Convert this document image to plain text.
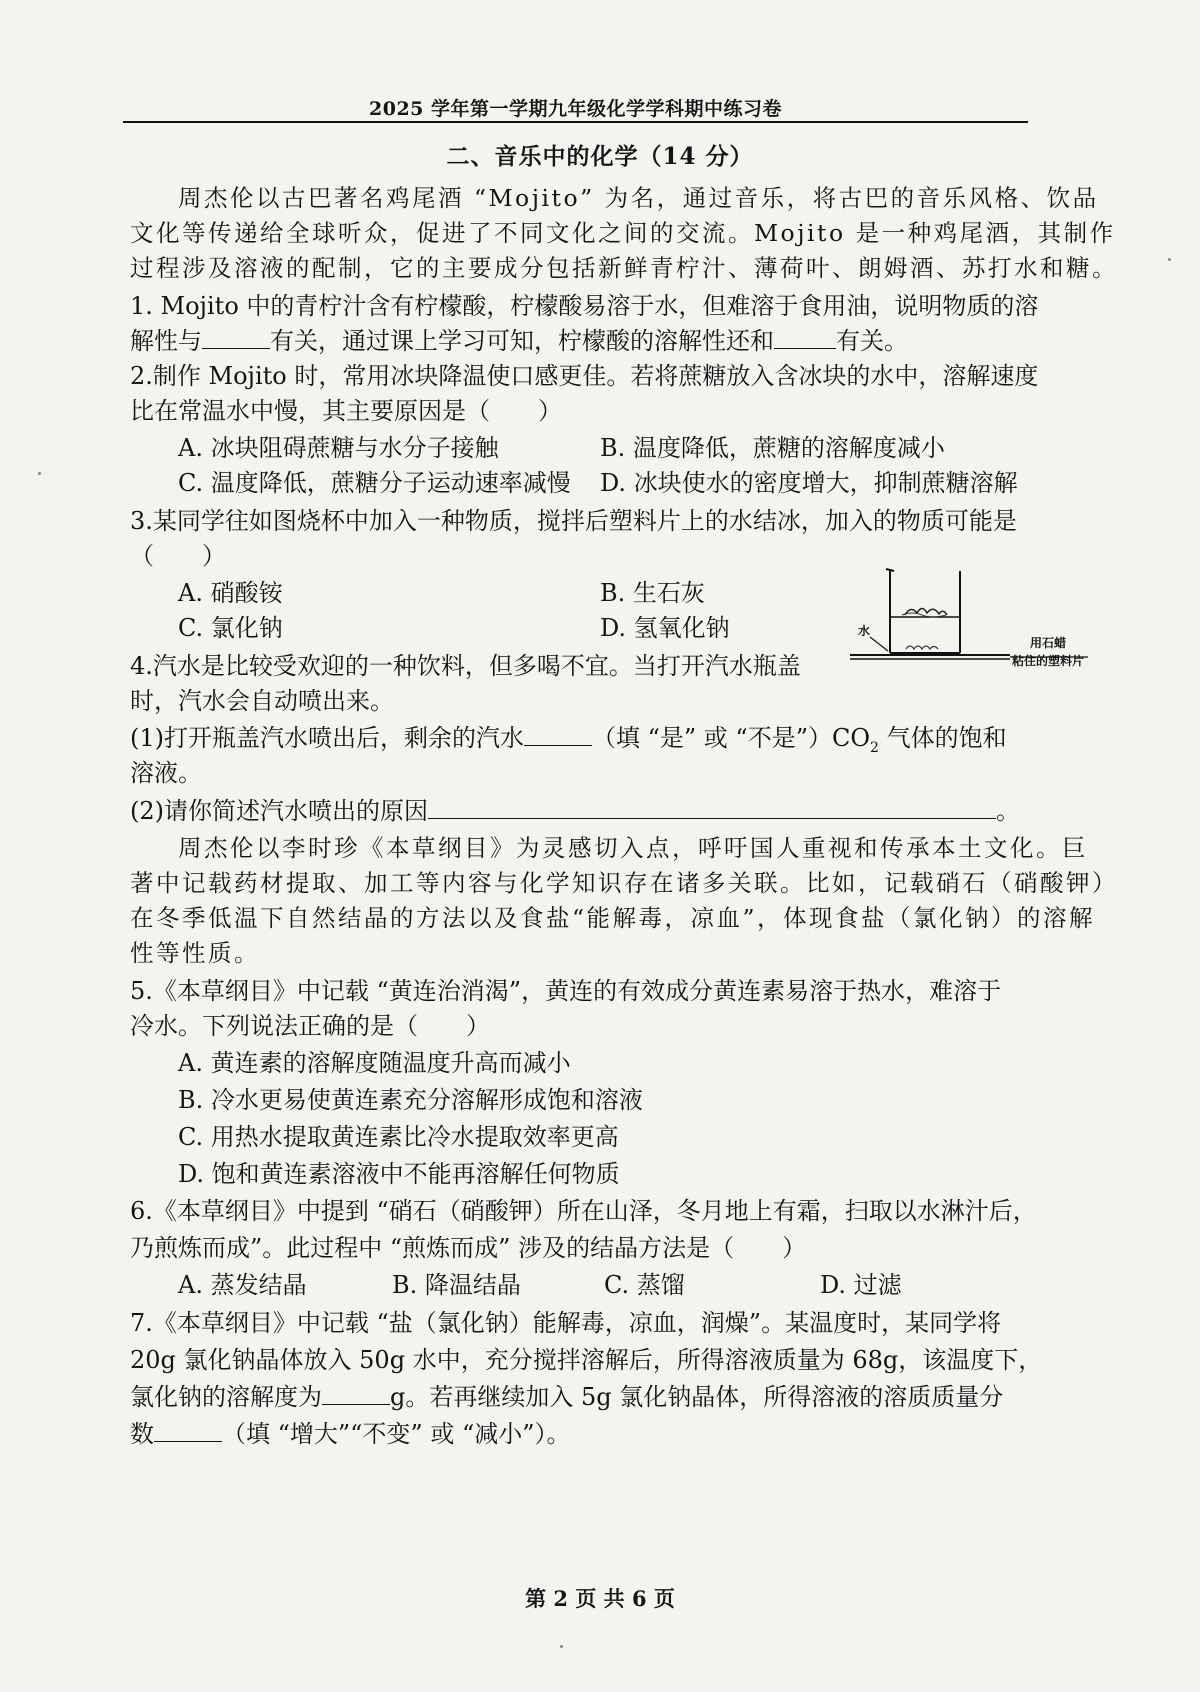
2025 学年第一学期九年级化学学科期中练习卷
二、音乐中的化学（14 分）
周杰伦以古巴著名鸡尾酒 “Mojito” 为名，通过音乐，将古巴的音乐风格、饮品
文化等传递给全球听众，促进了不同文化之间的交流。Mojito 是一种鸡尾酒，其制作
过程涉及溶液的配制，它的主要成分包括新鲜青柠汁、薄荷叶、朗姆酒、苏打水和糖。
1. Mojito 中的青柠汁含有柠檬酸，柠檬酸易溶于水，但难溶于食用油，说明物质的溶
解性与	有关，通过课上学习可知，柠檬酸的溶解性还和	有关。
2.制作 Mojito 时，常用冰块降温使口感更佳。若将蔗糖放入含冰块的水中，溶解速度
比在常温水中慢，其主要原因是（　　）
A. 冰块阻碍蔗糖与水分子接触	B. 温度降低，蔗糖的溶解度减小
C. 温度降低，蔗糖分子运动速率减慢 D. 冰块使水的密度增大，抑制蔗糖溶解
3.某同学往如图烧杯中加入一种物质，搅拌后塑料片上的水结冰，加入的物质可能是
（　　）
A. 硝酸铵	B. 生石灰
C. 氯化钠	D. 氢氧化钠	水
用石蜡
粘住的塑料片
4.汽水是比较受欢迎的一种饮料，但多喝不宜。当打开汽水瓶盖
时，汽水会自动喷出来。
(1)打开瓶盖汽水喷出后，剩余的汽水	（填 “是” 或 “不是$”)CO_2$ 气体的饱和
溶液。
(2)请你简述汽水喷出的原因	。
周杰伦以李时珍《本草纲目》为灵感切入点，呼吁国人重视和传承本土文化。巨
著中记载药材提取、加工等内容与化学知识存在诸多关联。比如，记载硝石（硝酸钾）
在冬季低温下自然结晶的方法以及食盐“能解毒，凉血”，体现食盐（氯化钠）的溶解
性等性质。
5.《本草纲目》中记载 “黄连治消渴”，黄连的有效成分黄连素易溶于热水，难溶于
冷水。下列说法正确的是（　　）
A. 黄连素的溶解度随温度升高而减小
B. 冷水更易使黄连素充分溶解形成饱和溶液
C. 用热水提取黄连素比冷水提取效率更高
D. 饱和黄连素溶液中不能再溶解任何物质
6.《本草纲目》中提到 “硝石（硝酸钾）所在山泽，冬月地上有霜，扫取以水淋汁后，
乃煎炼而成”。此过程中 “煎炼而成” 涉及的结晶方法是（　　）
A. 蒸发结晶	B. 降温结晶	C. 蒸馏	D. 过滤
7.《本草纲目》中记载 “盐（氯化钠）能解毒，凉血，润燥”。某温度时，某同学将
20g 氯化钠晶体放入 50g 水中，充分搅拌溶解后，所得溶液质量为 68g，该温度下，
氯化钠的溶解度为	g。若再继续加入 5g 氯化钠晶体，所得溶液的溶质质量分
数	（填 “增大”“不变” 或 “减小”）。
第 2 页 共 6 页
